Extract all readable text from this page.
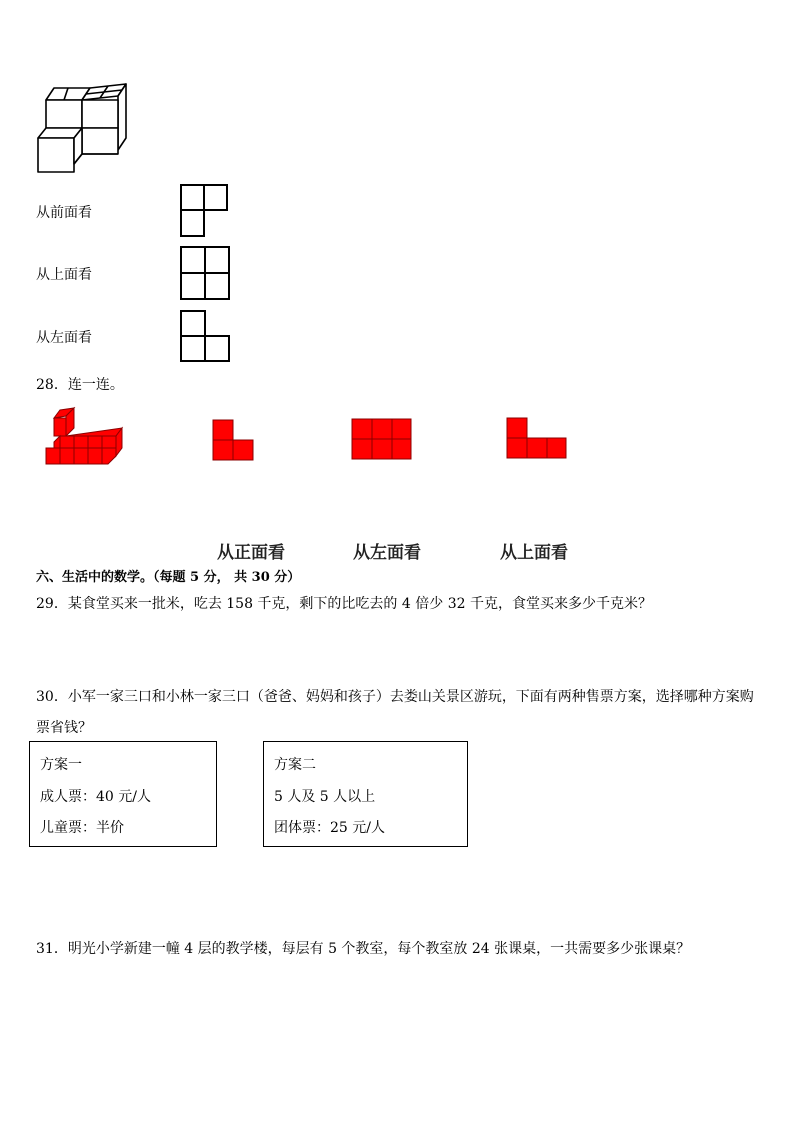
从前面看
从上面看
从左面看
28．连一连。
从正面看	从左面看	从上面看
六、生活中的数学。（每题 5 分， 共 30 分）
29．某食堂买来一批米，吃去 158 千克，剩下的比吃去的 4 倍少 32 千克，食堂买来多少千克米？
30．小军一家三口和小林一家三口（爸爸、妈妈和孩子）去娄山关景区游玩，下面有两种售票方案，选择哪种方案购
票省钱？
方案一
成人票：40 元/人
儿童票：半价
方案二
5 人及 5 人以上
团体票：25 元/人
31．明光小学新建一幢 4 层的教学楼，每层有 5 个教室，每个教室放 24 张课桌，一共需要多少张课桌？
